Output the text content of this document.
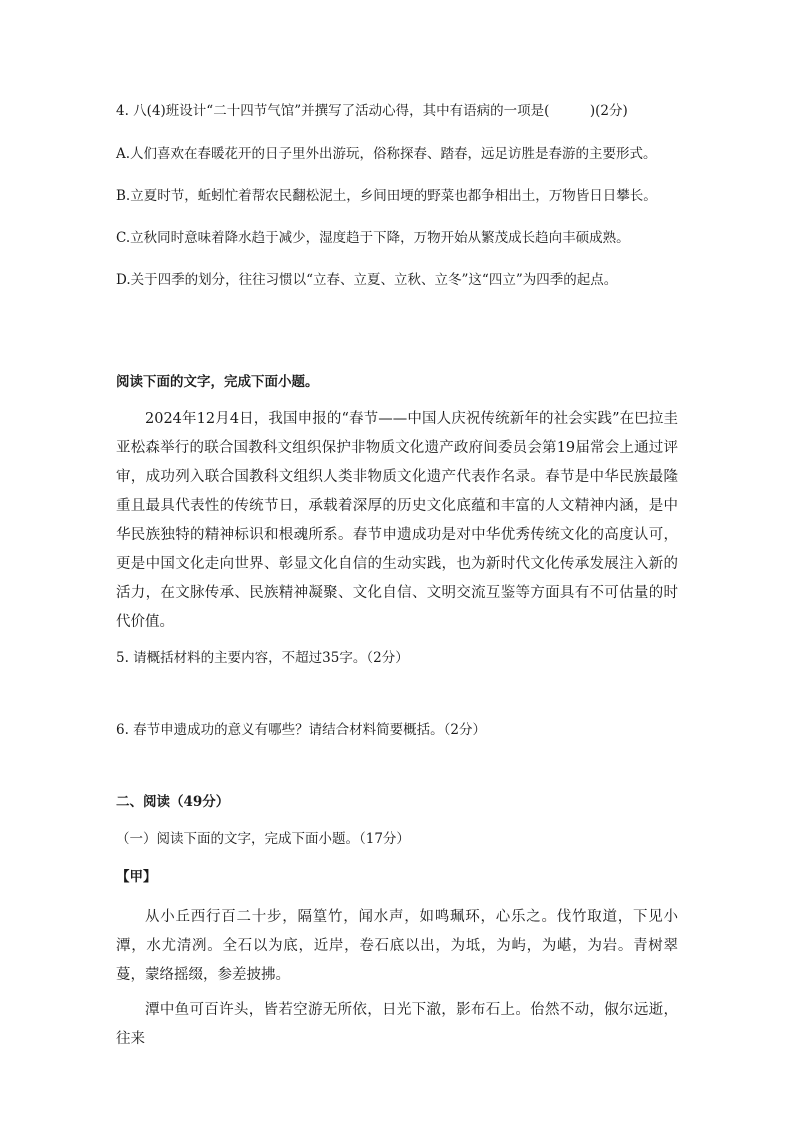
4. 八(4)班设计“二十四节气馆”并撰写了活动心得，其中有语病的一项是(　　　)(2分)
A.人们喜欢在春暖花开的日子里外出游玩，俗称探春、踏春，远足访胜是春游的主要形式。
B.立夏时节，蚯蚓忙着帮农民翻松泥土，乡间田埂的野菜也都争相出土，万物皆日日攀长。
C.立秋同时意味着降水趋于减少，湿度趋于下降，万物开始从繁茂成长趋向丰硕成熟。
D.关于四季的划分，往往习惯以“立春、立夏、立秋、立冬”这“四立”为四季的起点。
阅读下面的文字，完成下面小题。
2024年12月4日，我国申报的“春节——中国人庆祝传统新年的社会实践”在巴拉圭亚松森举行的联合国教科文组织保护非物质文化遗产政府间委员会第19届常会上通过评审，成功列入联合国教科文组织人类非物质文化遗产代表作名录。春节是中华民族最隆重且最具代表性的传统节日，承载着深厚的历史文化底蕴和丰富的人文精神内涵，是中华民族独特的精神标识和根魂所系。春节申遗成功是对中华优秀传统文化的高度认可，更是中国文化走向世界、彰显文化自信的生动实践，也为新时代文化传承发展注入新的活力，在文脉传承、民族精神凝聚、文化自信、文明交流互鉴等方面具有不可估量的时代价值。
5. 请概括材料的主要内容，不超过35字。（2分）
6. 春节申遗成功的意义有哪些？请结合材料简要概括。（2分）
二、阅读（49分）
（一）阅读下面的文字，完成下面小题。（17分）
【甲】
从小丘西行百二十步，隔篁竹，闻水声，如鸣珮环，心乐之。伐竹取道，下见小潭，水尤清冽。全石以为底，近岸，卷石底以出，为坻，为屿，为嵁，为岩。青树翠蔓，蒙络摇缀，参差披拂。
潭中鱼可百许头，皆若空游无所依，日光下澈，影布石上。佁然不动，俶尔远逝，往来
